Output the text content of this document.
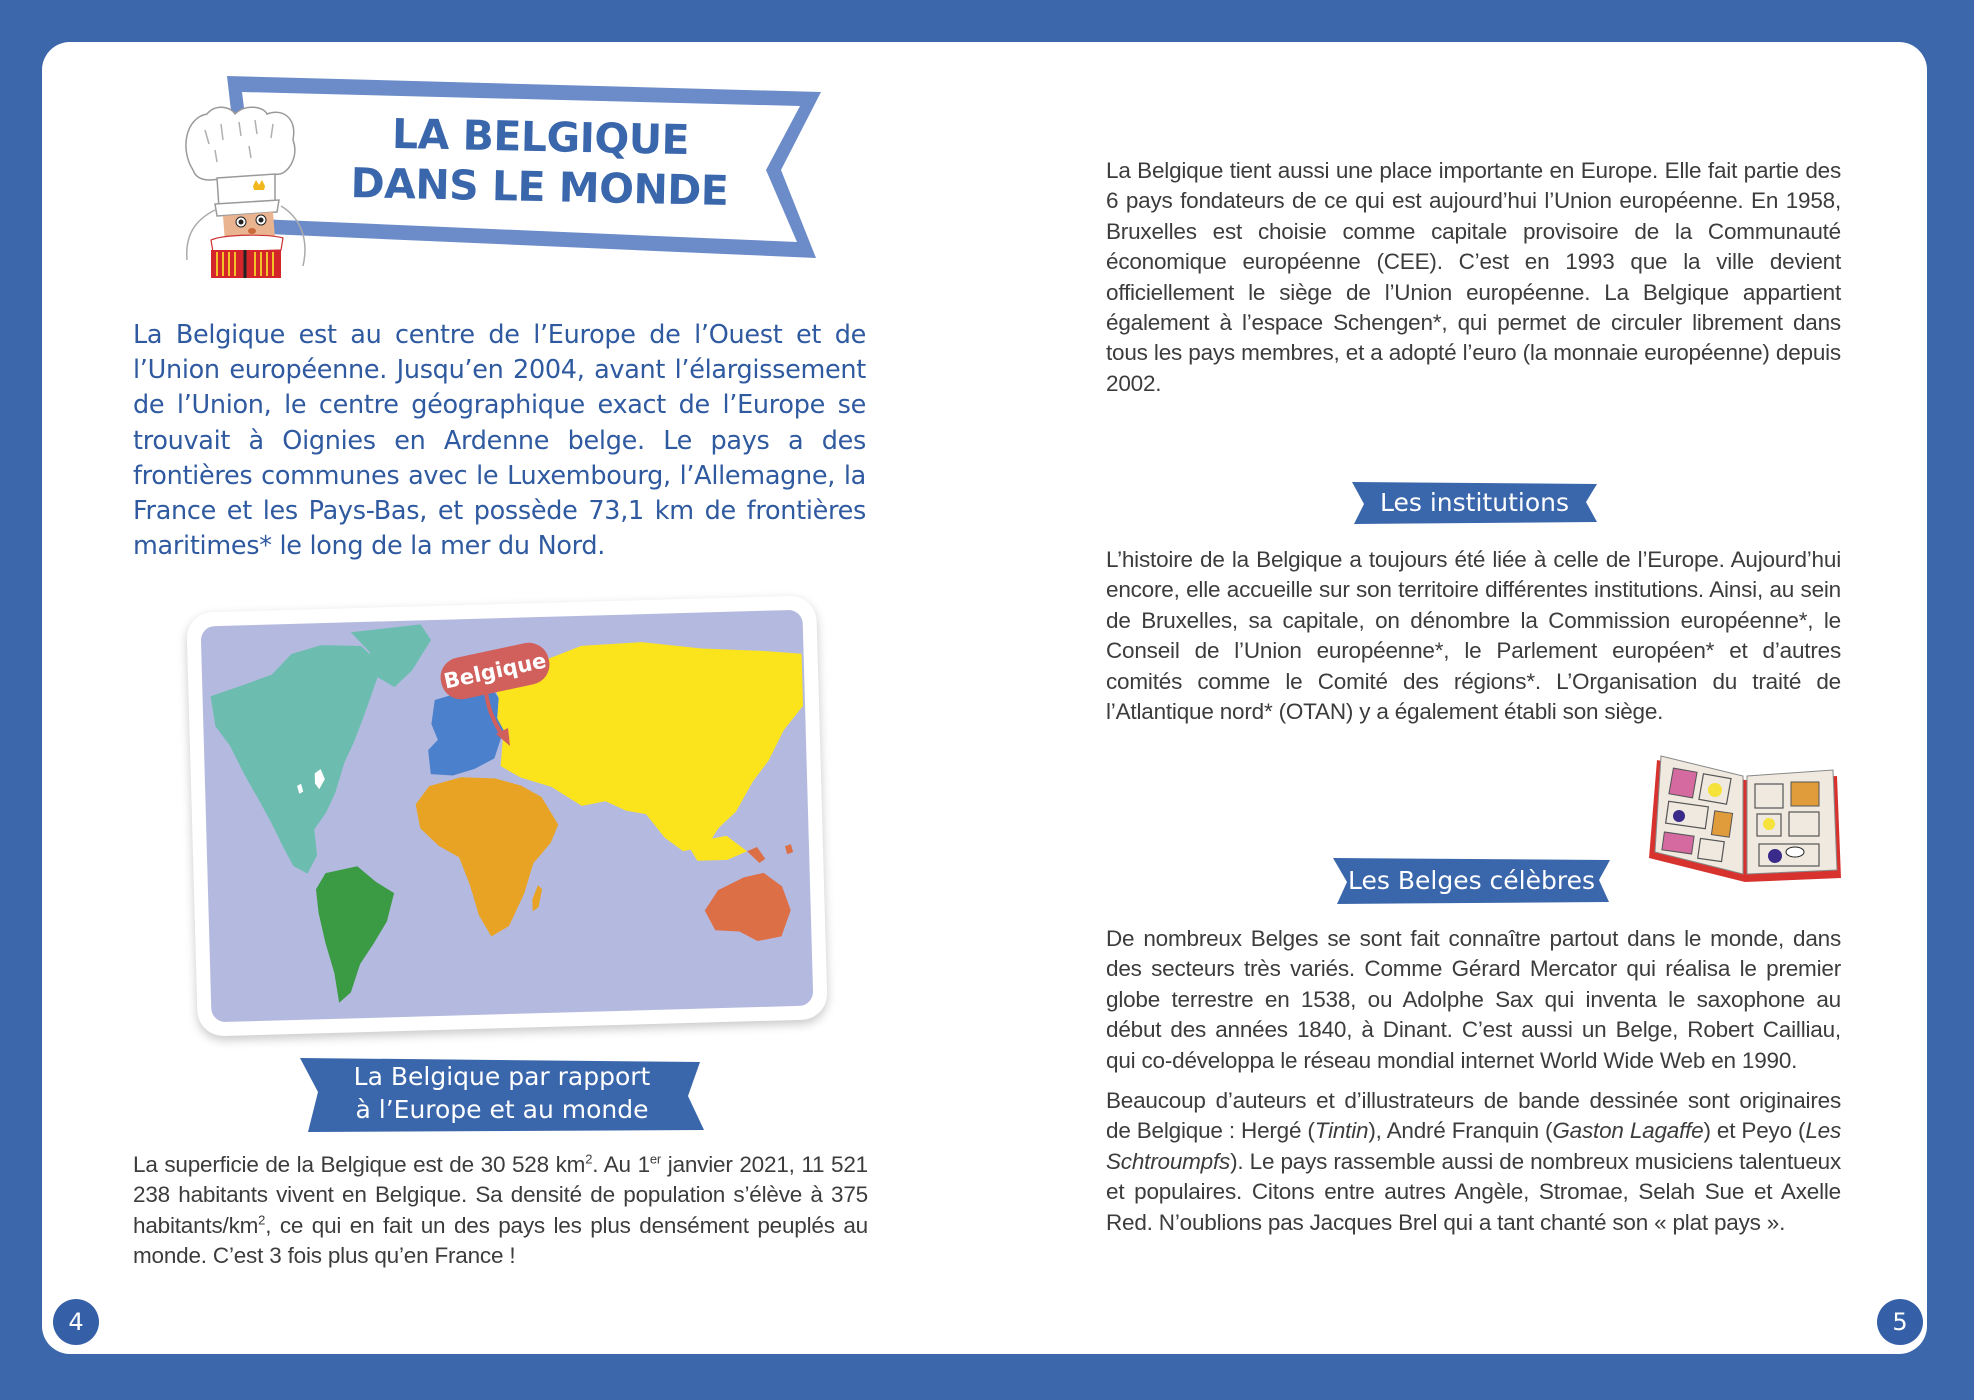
LA BELGIQUE
DANS LE MONDE
La Belgique est au centre de l’Europe de l’Ouest et de l’Union européenne. Jusqu’en 2004, avant l’élargissement de l’Union, le centre géographique exact de l’Europe se trouvait à Oignies en Ardenne belge. Le pays a des frontières communes avec le Luxembourg, l’Allemagne, la France et les Pays-Bas, et possède 73,1 km de frontières maritimes* le long de la mer du Nord.
Belgique
La Belgique par rapport
à l’Europe et au monde

La superficie de la Belgique est de 30 528 $km^2$. Au 1er janvier 2021, 11 521 238 habitants vivent en Belgique. Sa densité de population s’élève à 375 habitants/$km^2$, ce qui en fait un des pays les plus densément peuplés au monde. C’est 3 fois plus qu’en France !

4
La Belgique tient aussi une place importante en Europe. Elle fait partie des 6 pays fondateurs de ce qui est aujourd’hui l’Union européenne. En 1958, Bruxelles est choisie comme capitale provisoire de la Communauté économique européenne (CEE). C’est en 1993 que la ville devient officiellement le siège de l’Union européenne. La Belgique appartient également à l’espace Schengen*, qui permet de circuler librement dans tous les pays membres, et a adopté l’euro (la monnaie européenne) depuis 2002.
Les institutions
L’histoire de la Belgique a toujours été liée à celle de l’Europe. Aujourd’hui encore, elle accueille sur son territoire différentes institutions. Ainsi, au sein de Bruxelles, sa capitale, on dénombre la Commission européenne*, le Conseil de l’Union européenne*, le Parlement européen* et d’autres comités comme le Comité des régions*. L’Organisation du traité de l’Atlantique nord* (OTAN) y a également établi son siège.
Les Belges célèbres

De nombreux Belges se sont fait connaître partout dans le monde, dans des secteurs très variés. Comme Gérard Mercator qui réalisa le premier globe terrestre en 1538, ou Adolphe Sax qui inventa le saxophone au début des années 1840, à Dinant. C’est aussi un Belge, Robert Cailliau, qui co-développa le réseau mondial internet World Wide Web en 1990.

Beaucoup d’auteurs et d’illustrateurs de bande dessinée sont originaires de Belgique : Hergé (Tintin), André Franquin (Gaston Lagaffe) et Peyo (Les Schtroumpfs). Le pays rassemble aussi de nombreux musiciens talentueux et populaires. Citons entre autres Angèle, Stromae, Selah Sue et Axelle Red. N’oublions pas Jacques Brel qui a tant chanté son « plat pays ».

5
